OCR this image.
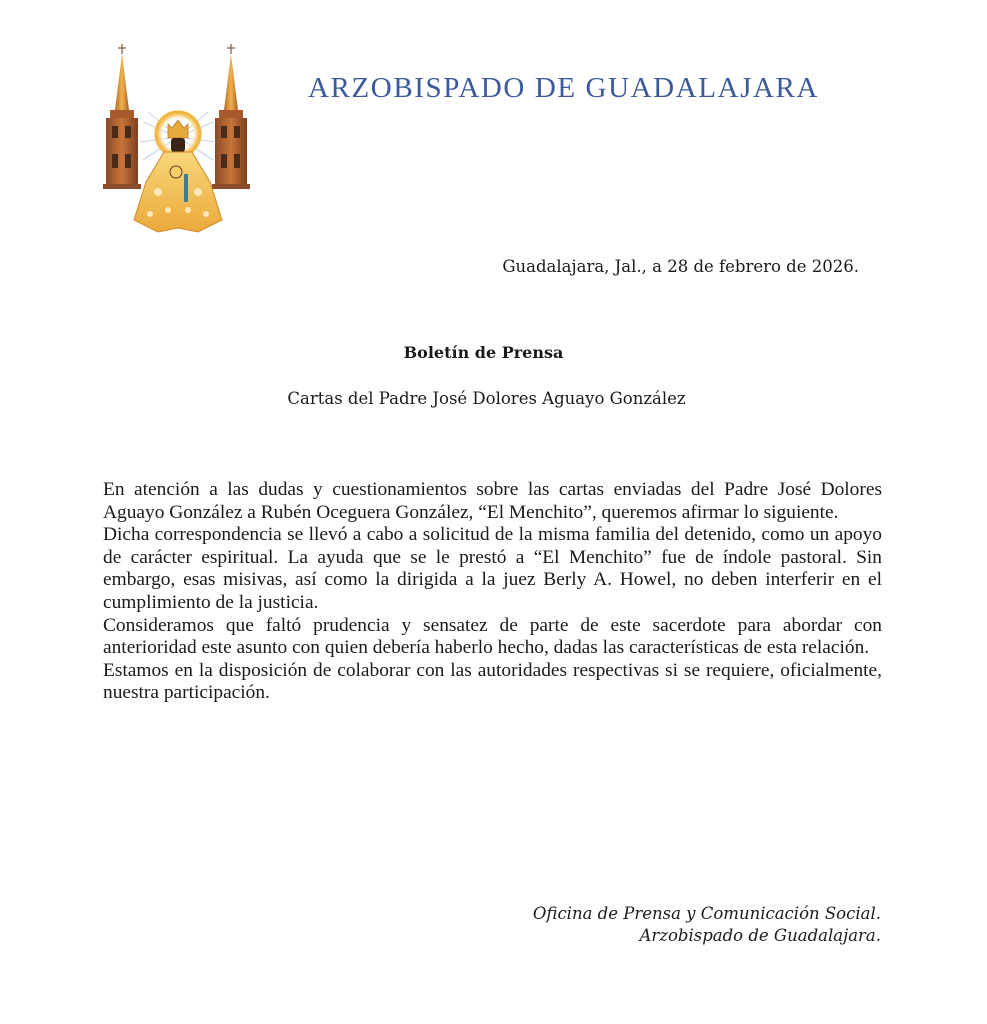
ARZOBISPADO DE GUADALAJARA
Guadalajara, Jal., a 28 de febrero de 2026.
Boletín de Prensa
Cartas del Padre José Dolores Aguayo González

En atención a las dudas y cuestionamientos sobre las cartas enviadas del Padre José Dolores Aguayo González a Rubén Oceguera González, “El Menchito”, queremos afirmar lo siguiente.

Dicha correspondencia se llevó a cabo a solicitud de la misma familia del detenido, como un apoyo de carácter espiritual. La ayuda que se le prestó a “El Menchito” fue de índole pastoral. Sin embargo, esas misivas, así como la dirigida a la juez Berly A. Howel, no deben interferir en el cumplimiento de la justicia.

Consideramos que faltó prudencia y sensatez de parte de este sacerdote para abordar con anterioridad este asunto con quien debería haberlo hecho, dadas las características de esta relación.

Estamos en la disposición de colaborar con las autoridades respectivas si se requiere, oficialmente, nuestra participación.

Oficina de Prensa y Comunicación Social.
Arzobispado de Guadalajara.
